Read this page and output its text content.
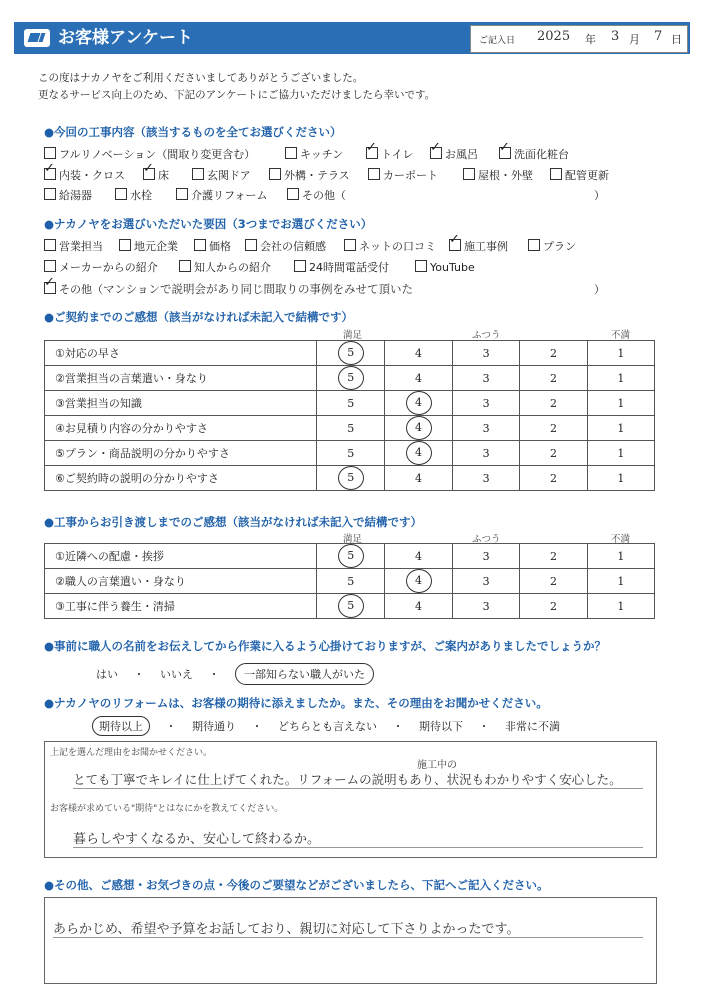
お客様アンケート	ご記入日 2025 年 3 月 7 日
この度はナカノヤをご利用くださいましてありがとうございました。
更なるサービス向上のため、下記のアンケートにご協力いただけましたら幸いです。
●今回の工事内容（該当するものを全てお選びください）
フルリノベーション（間取り変更含む）	キッチン ✓	トイレ ✓	お風呂 ✓	洗面化粧台
✓内装・クロス ✓	床	玄関ドア	外構・テラス	カーポート	屋根・外壁	配管更新
給湯器	水栓	介護リフォーム	その他（	）
●ナカノヤをお選びいただいた要因（3つまでお選びください）
営業担当	地元企業	価格	会社の信頼感	ネットの口コミ ✓	施工事例	プラン
メーカーからの紹介	知人からの紹介	24時間電話受付	YouTube
✓その他（マンションで説明会があり同じ間取りの事例をみせて頂いた	）
●ご契約までのご感想（該当がなければ未記入で結構です）
満足	ふつう	不満
①対応の早さ	5	4	3	2	1
②営業担当の言葉遣い・身なり	5	4	3	2	1
③営業担当の知識	5	4	3	2	1
④お見積り内容の分かりやすさ	5	4	3	2	1
⑤プラン・商品説明の分かりやすさ	5	4	3	2	1
⑥ご契約時の説明の分かりやすさ	5	4	3	2	1
●工事からお引き渡しまでのご感想（該当がなければ未記入で結構です）
満足	ふつう	不満
①近隣への配慮・挨拶	5	4	3	2	1
②職人の言葉遣い・身なり	5	4	3	2	1
③工事に伴う養生・清掃	5	4	3	2	1
●事前に職人の名前をお伝えしてから作業に入るよう心掛けておりますが、ご案内がありましたでしょうか？
はい ・ いいえ ・ 一部知らない職人がいた
●ナカノヤのリフォームは、お客様の期待に添えましたか。また、その理由をお聞かせください。
期待以上 ・ 期待通り ・ どちらとも言えない ・ 期待以下 ・ 非常に不満
上記を選んだ理由をお聞かせください。
施工中の
とても丁寧でキレイに仕上げてくれた。リフォームの説明もあり、状況もわかりやすく安心した。
お客様が求めている"期待"とはなにかを教えてください。
暮らしやすくなるか、安心して終わるか。
●その他、ご感想・お気づきの点・今後のご要望などがございましたら、下記へご記入ください。
あらかじめ、希望や予算をお話しており、親切に対応して下さりよかったです。
